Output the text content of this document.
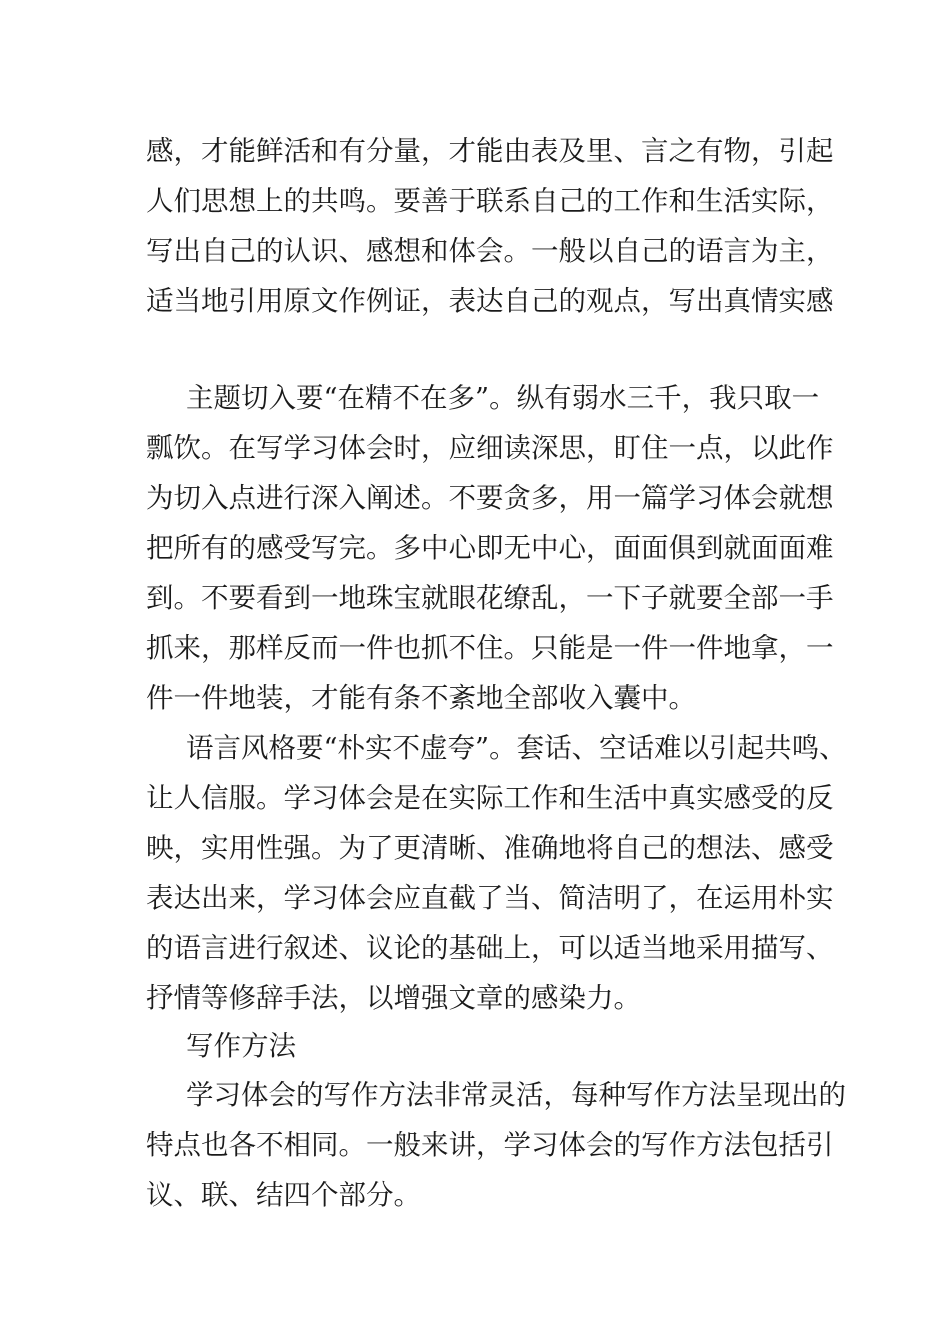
感，才能鲜活和有分量，才能由表及里、言之有物，引起
人们思想上的共鸣。要善于联系自己的工作和生活实际，
写出自己的认识、感想和体会。一般以自己的语言为主，
适当地引用原文作例证，表达自己的观点，写出真情实感
主题切入要“在精不在多”。纵有弱水三千，我只取一
瓢饮。在写学习体会时，应细读深思，盯住一点，以此作
为切入点进行深入阐述。不要贪多，用一篇学习体会就想
把所有的感受写完。多中心即无中心，面面俱到就面面难
到。不要看到一地珠宝就眼花缭乱，一下子就要全部一手
抓来，那样反而一件也抓不住。只能是一件一件地拿，一
件一件地装，才能有条不紊地全部收入囊中。
语言风格要“朴实不虚夸”。套话、空话难以引起共鸣、
让人信服。学习体会是在实际工作和生活中真实感受的反
映，实用性强。为了更清晰、准确地将自己的想法、感受
表达出来，学习体会应直截了当、简洁明了，在运用朴实
的语言进行叙述、议论的基础上，可以适当地采用描写、
抒情等修辞手法，以增强文章的感染力。
写作方法
学习体会的写作方法非常灵活，每种写作方法呈现出的
特点也各不相同。一般来讲，学习体会的写作方法包括引
议、联、结四个部分。
